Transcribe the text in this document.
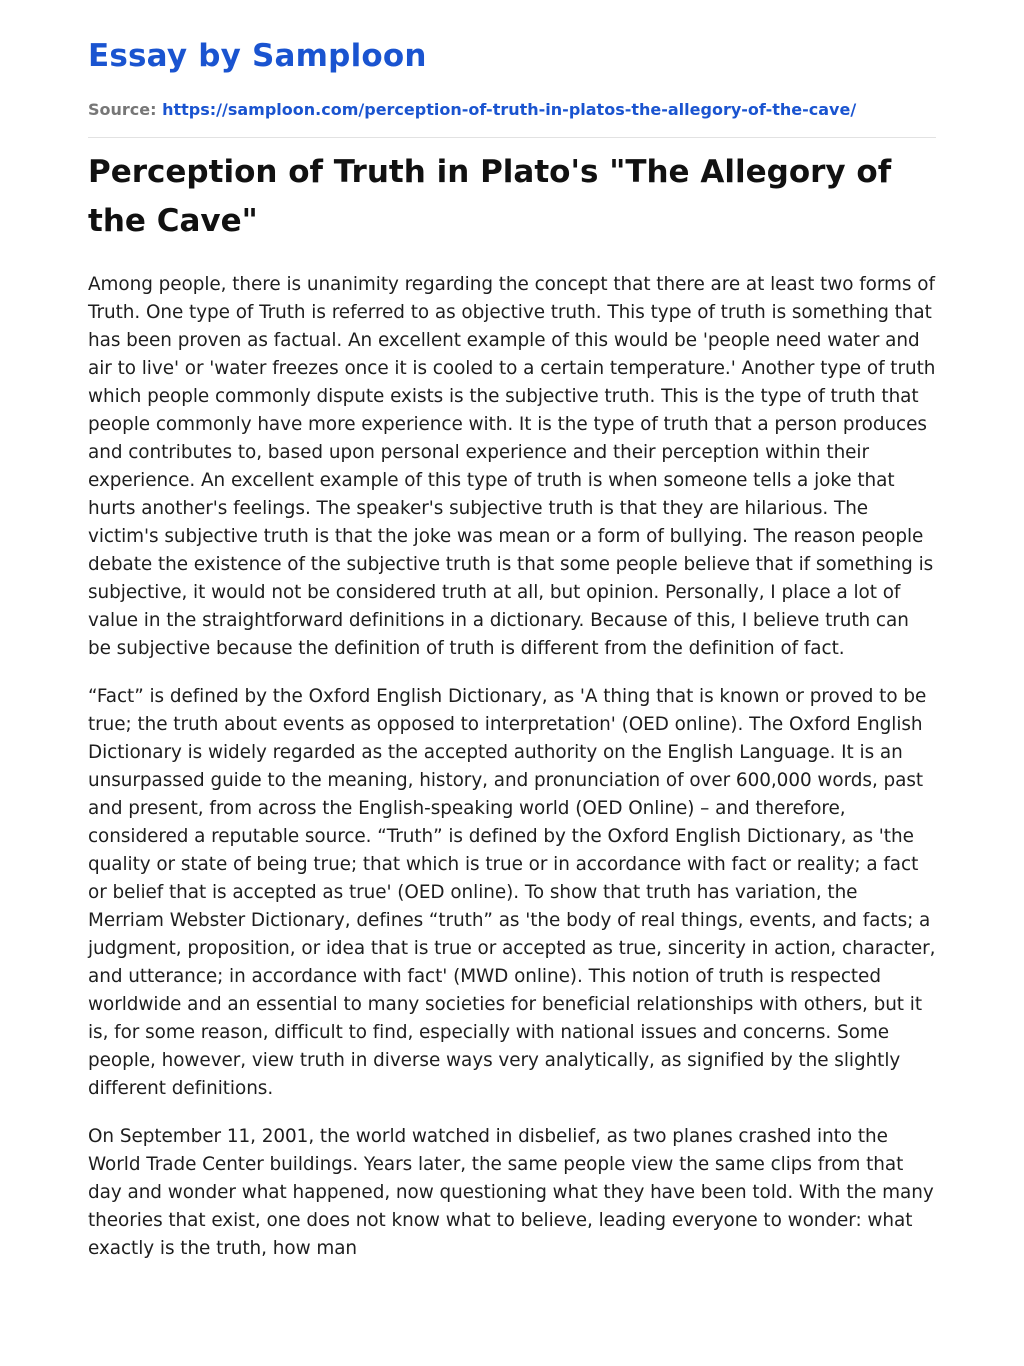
Essay by Samploon
Source: https://samploon.com/perception-of-truth-in-platos-the-allegory-of-the-cave/
Perception of Truth in Plato's "The Allegory of the Cave"

Among people, there is unanimity regarding the concept that there are at least two forms of Truth. One type of Truth is referred to as objective truth. This type of truth is something that has been proven as factual. An excellent example of this would be 'people need water and air to live' or 'water freezes once it is cooled to a certain temperature.' Another type of truth which people commonly dispute exists is the subjective truth. This is the type of truth that people commonly have more experience with. It is the type of truth that a person produces and contributes to, based upon personal experience and their perception within their experience. An excellent example of this type of truth is when someone tells a joke that hurts another's feelings. The speaker's subjective truth is that they are hilarious. The victim's subjective truth is that the joke was mean or a form of bullying. The reason people debate the existence of the subjective truth is that some people believe that if something is subjective, it would not be considered truth at all, but opinion. Personally, I place a lot of value in the straightforward definitions in a dictionary. Because of this, I believe truth can be subjective because the definition of truth is different from the definition of fact.

“Fact” is defined by the Oxford English Dictionary, as 'A thing that is known or proved to be true; the truth about events as opposed to interpretation' (OED online). The Oxford English Dictionary is widely regarded as the accepted authority on the English Language. It is an unsurpassed guide to the meaning, history, and pronunciation of over 600,000 words, past and present, from across the English-speaking world (OED Online) – and therefore, considered a reputable source. “Truth” is defined by the Oxford English Dictionary, as 'the quality or state of being true; that which is true or in accordance with fact or reality; a fact or belief that is accepted as true' (OED online). To show that truth has variation, the Merriam Webster Dictionary, defines “truth” as 'the body of real things, events, and facts; a judgment, proposition, or idea that is true or accepted as true, sincerity in action, character, and utterance; in accordance with fact' (MWD online). This notion of truth is respected worldwide and an essential to many societies for beneficial relationships with others, but it is, for some reason, difficult to find, especially with national issues and concerns. Some people, however, view truth in diverse ways very analytically, as signified by the slightly different definitions.

On September 11, 2001, the world watched in disbelief, as two planes crashed into the World Trade Center buildings. Years later, the same people view the same clips from that day and wonder what happened, now questioning what they have been told. With the many theories that exist, one does not know what to believe, leading everyone to wonder: what exactly is the truth, how man
